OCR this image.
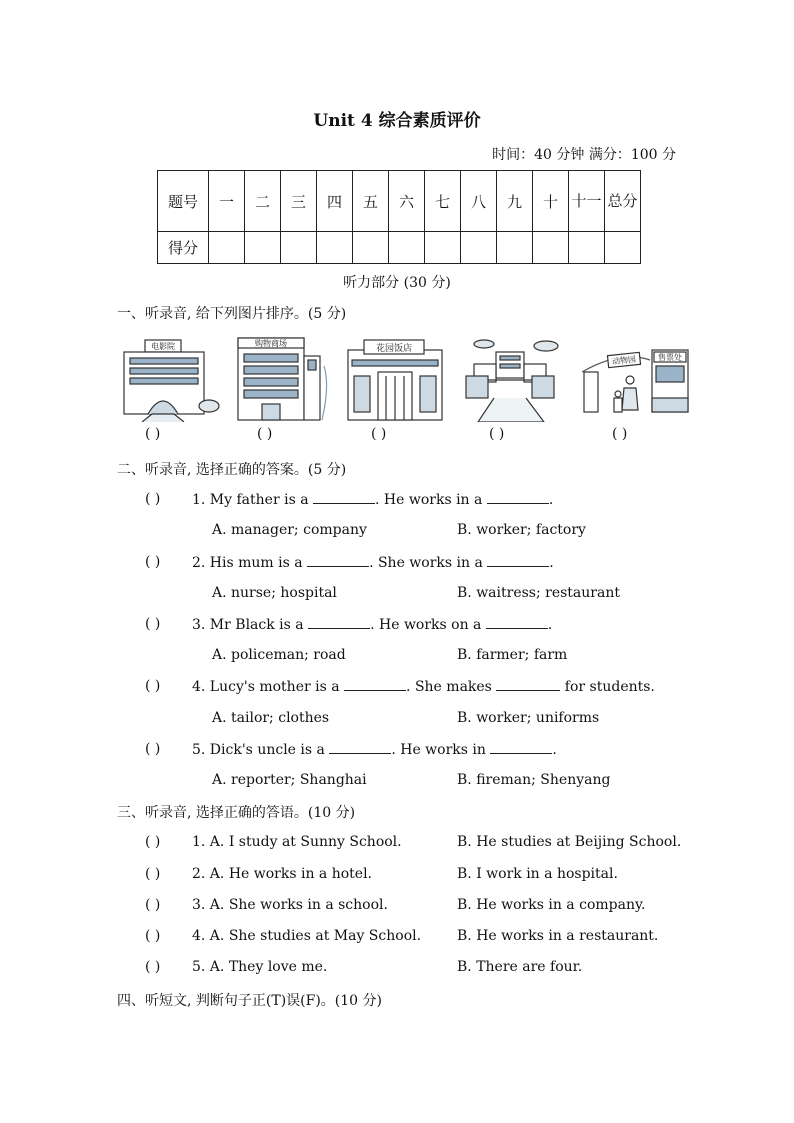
Unit 4 综合素质评价
时间：40 分钟 满分：100 分
题号	一	二	三	四	五	六	七	八	九	十	十一	总分
得分												
听力部分 (30 分)
一、听录音, 给下列图片排序。(5 分)
电影院	购物商场
花园饭店
动物园	售票处
( )	( )	( )	( )	( )
二、听录音, 选择正确的答案。(5 分)
( ) 1. My father is a	. He works in a	.
A. manager; company	B. worker; factory
( ) 2. His mum is a	. She works in a	.
A. nurse; hospital	B. waitress; restaurant
( ) 3. Mr Black is a	. He works on a	.
A. policeman; road	B. farmer; farm
( ) 4. Lucy's mother is a	. She makes	for students.
A. tailor; clothes	B. worker; uniforms
( ) 5. Dick's uncle is a	. He works in	.
A. reporter; Shanghai	B. fireman; Shenyang
三、听录音, 选择正确的答语。(10 分)
( ) 1. A. I study at Sunny School.	B. He studies at Beijing School.
( ) 2. A. He works in a hotel.	B. I work in a hospital.
( ) 3. A. She works in a school.	B. He works in a company.
( ) 4. A. She studies at May School.	B. He works in a restaurant.
( ) 5. A. They love me.	B. There are four.
四、听短文, 判断句子正(T)误(F)。(10 分)
